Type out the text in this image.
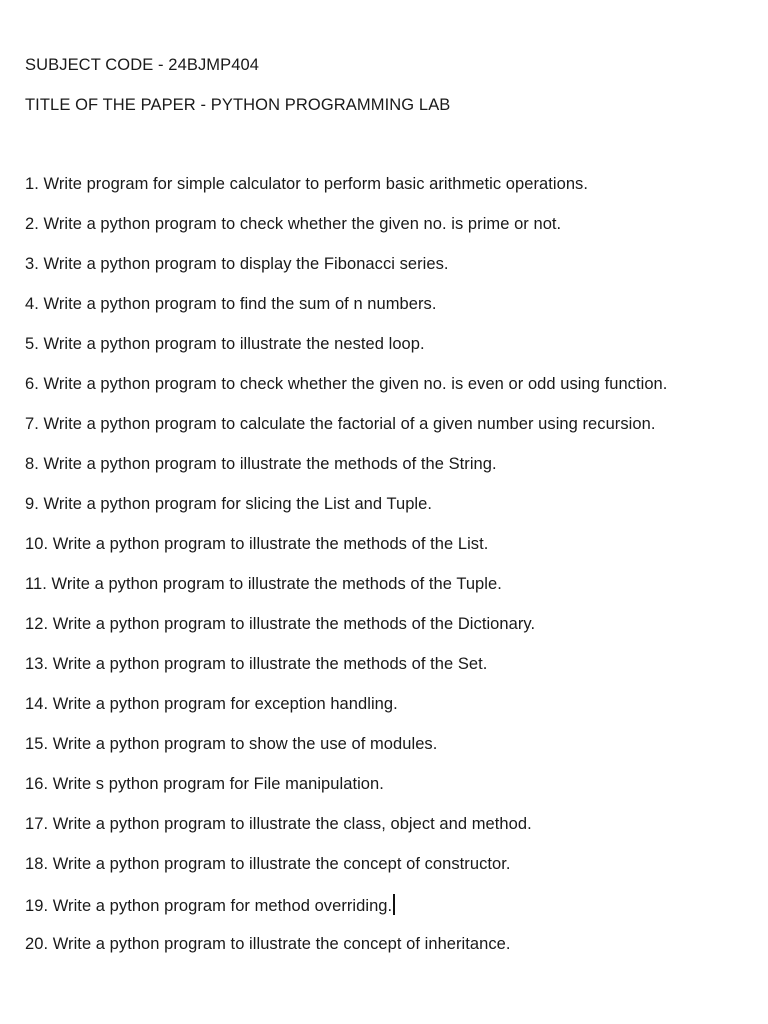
SUBJECT CODE - 24BJMP404
TITLE OF THE PAPER - PYTHON PROGRAMMING LAB
1. Write program for simple calculator to perform basic arithmetic operations.
2. Write a python program to check whether the given no. is prime or not.
3. Write a python program to display the Fibonacci series.
4. Write a python program to find the sum of n numbers.
5. Write a python program to illustrate the nested loop.
6. Write a python program to check whether the given no. is even or odd using function.
7. Write a python program to calculate the factorial of a given number using recursion.
8. Write a python program to illustrate the methods of the String.
9. Write a python program for slicing the List and Tuple.
10. Write a python program to illustrate the methods of the List.
11. Write a python program to illustrate the methods of the Tuple.
12. Write a python program to illustrate the methods of the Dictionary.
13. Write a python program to illustrate the methods of the Set.
14. Write a python program for exception handling.
15. Write a python program to show the use of modules.
16. Write s python program for File manipulation.
17. Write a python program to illustrate the class, object and method.
18. Write a python program to illustrate the concept of constructor.
19. Write a python program for method overriding.
20. Write a python program to illustrate the concept of inheritance.
